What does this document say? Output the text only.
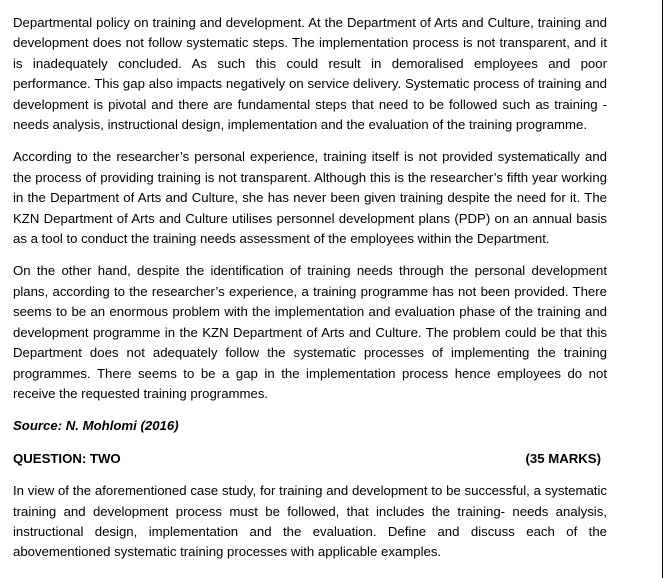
Departmental policy on training and development. At the Department of Arts and Culture, training and development does not follow systematic steps. The implementation process is not transparent, and it is inadequately concluded. As such this could result in demoralised employees and poor performance. This gap also impacts negatively on service delivery. Systematic process of training and development is pivotal and there are fundamental steps that need to be followed such as training - needs analysis, instructional design, implementation and the evaluation of the training programme.

According to the researcher’s personal experience, training itself is not provided systematically and the process of providing training is not transparent. Although this is the researcher’s fifth year working in the Department of Arts and Culture, she has never been given training despite the need for it. The KZN Department of Arts and Culture utilises personnel development plans (PDP) on an annual basis as a tool to conduct the training needs assessment of the employees within the Department.

On the other hand, despite the identification of training needs through the personal development plans, according to the researcher’s experience, a training programme has not been provided. There seems to be an enormous problem with the implementation and evaluation phase of the training and development programme in the KZN Department of Arts and Culture. The problem could be that this Department does not adequately follow the systematic processes of implementing the training programmes. There seems to be a gap in the implementation process hence employees do not receive the requested training programmes.

Source: N. Mohlomi (2016)

QUESTION: TWO	(35 MARKS)

In view of the aforementioned case study, for training and development to be successful, a systematic training and development process must be followed, that includes the training- needs analysis, instructional design, implementation and the evaluation. Define and discuss each of the abovementioned systematic training processes with applicable examples.
